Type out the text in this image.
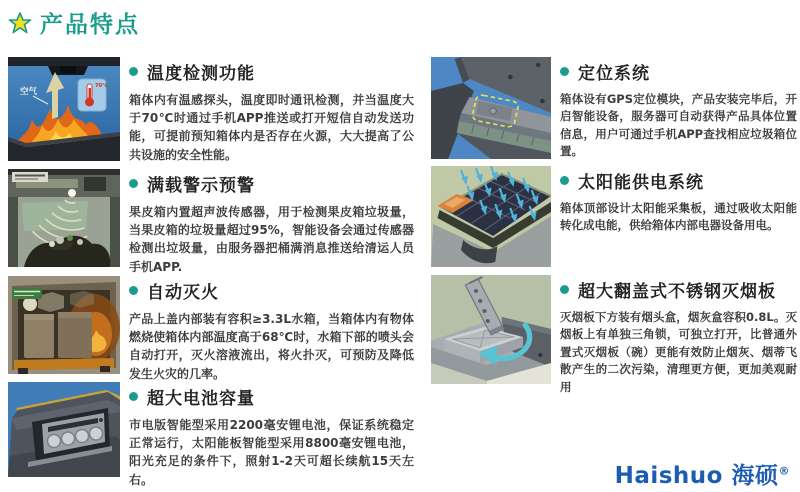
产品特点
空气
70℃
温度检测功能

箱体内有温感探头，温度即时通讯检测，并当温度大于70℃时通过手机APP推送或打开短信自动发送功能，可提前预知箱体内是否存在火源，大大提高了公共设施的安全性能。

满载警示预警

果皮箱内置超声波传感器，用于检测果皮箱垃圾量，当果皮箱的垃圾量超过95%，智能设备会通过传感器检测出垃圾量，由服务器把桶满消息推送给清运人员手机APP.

自动灭火

产品上盖内部装有容积≥3.3L水箱，当箱体内有物体燃烧使箱体内部温度高于68℃时，水箱下部的喷头会自动打开，灭火溶液流出，将火扑灭，可预防及降低发生火灾的几率。

超大电池容量

市电版智能型采用2200毫安锂电池，保证系统稳定正常运行，太阳能板智能型采用8800毫安锂电池，阳光充足的条件下，照射1-2天可超长续航15天左右。

定位系统

箱体设有GPS定位模块，产品安装完毕后，开启智能设备，服务器可自动获得产品具体位置信息，用户可通过手机APP查找相应垃圾箱位置。

太阳能供电系统

箱体顶部设计太阳能采集板，通过吸收太阳能转化成电能，供给箱体内部电器设备用电。

超大翻盖式不锈钢灭烟板

灭烟板下方装有烟头盒，烟灰盒容积0.8L。灭烟板上有单独三角锁，可独立打开，比普通外置式灭烟板（碗）更能有效防止烟灰、烟蒂飞散产生的二次污染，清理更方便，更加美观耐用

Haishuo 海硕®
